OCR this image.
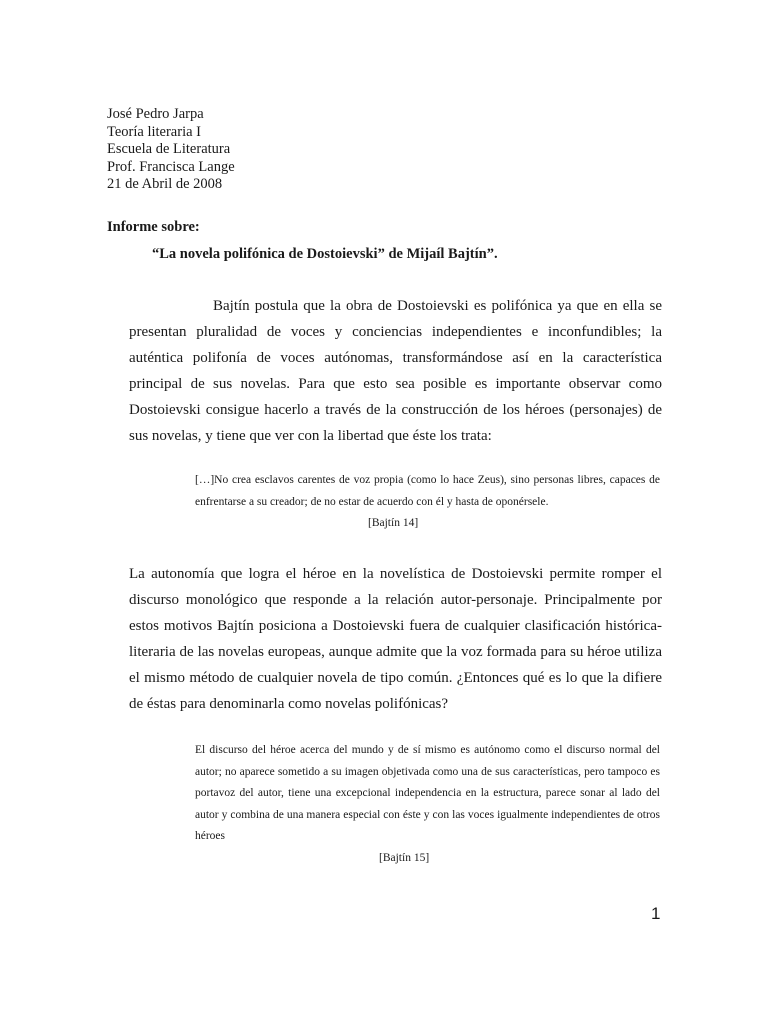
José Pedro Jarpa
Teoría literaria I
Escuela de Literatura
Prof. Francisca Lange
21 de Abril de 2008
Informe sobre:
“La novela polifónica de Dostoievski” de Mijaíl Bajtín”.

Bajtín postula que la obra de Dostoievski es polifónica ya que en ella se presentan pluralidad de voces y conciencias independientes e inconfundibles; la auténtica polifonía de voces autónomas, transformándose así en la característica principal de sus novelas. Para que esto sea posible es importante observar como Dostoievski consigue hacerlo a través de la construcción de los héroes (personajes) de sus novelas, y tiene que ver con la libertad que éste los trata:

[…]No crea esclavos carentes de voz propia (como lo hace Zeus), sino personas libres, capaces de enfrentarse a su creador; de no estar de acuerdo con él y hasta de oponérsele.

[Bajtín 14]

La autonomía que logra el héroe en la novelística de Dostoievski permite romper el discurso monológico que responde a la relación autor-personaje. Principalmente por estos motivos Bajtín posiciona a Dostoievski fuera de cualquier clasificación histórica-literaria de las novelas europeas, aunque admite que la voz formada para su héroe utiliza el mismo método de cualquier novela de tipo común. ¿Entonces qué es lo que la difiere de éstas para denominarla como novelas polifónicas?

El discurso del héroe acerca del mundo y de sí mismo es autónomo como el discurso normal del autor; no aparece sometido a su imagen objetivada como una de sus características, pero tampoco es portavoz del autor, tiene una excepcional independencia en la estructura, parece sonar al lado del autor y combina de una manera especial con éste y con las voces igualmente independientes de otros héroes

[Bajtín 15]
1
